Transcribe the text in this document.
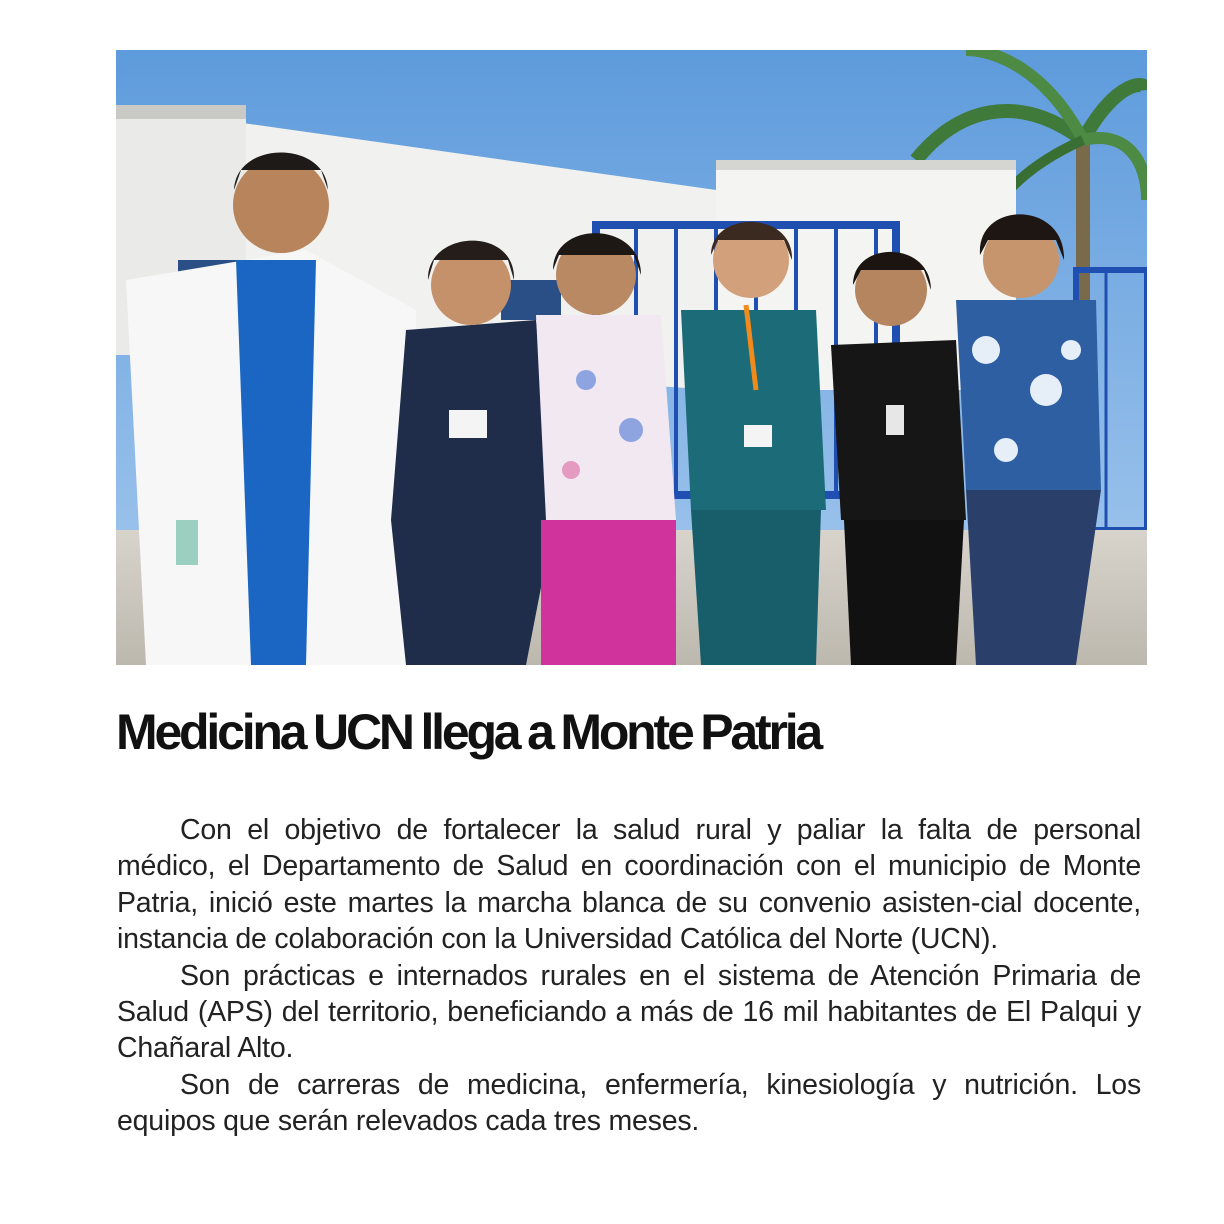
Medicina UCN llega a Monte Patria

Con el objetivo de fortalecer la salud rural y paliar la falta de personal médico, el Departamento de Salud en coordinación con el municipio de Monte Patria, inició este martes la marcha blanca de su convenio asisten-cial docente, instancia de colaboración con la Universidad Católica del Norte (UCN).

Son prácticas e internados rurales en el sistema de Atención Primaria de Salud (APS) del territorio, beneficiando a más de 16 mil habitantes de El Palqui y Chañaral Alto.

Son de carreras de medicina, enfermería, kinesiología y nutrición. Los equipos que serán relevados cada tres meses.
